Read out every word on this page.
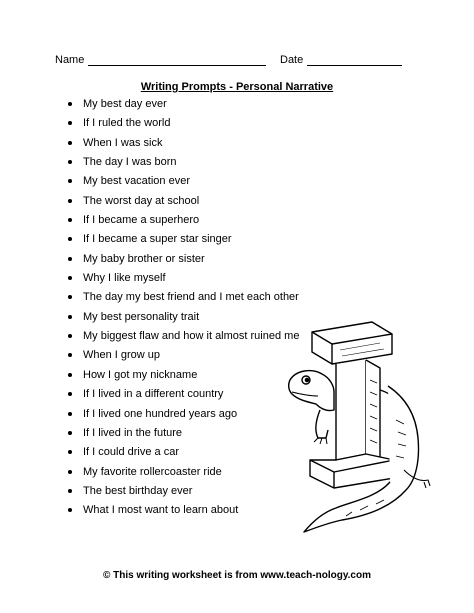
Name	Date
Writing Prompts - Personal Narrative
My best day ever
If I ruled the world
When I was sick
The day I was born
My best vacation ever
The worst day at school
If I became a superhero
If I became a super star singer
My baby brother or sister
Why I like myself
The day my best friend and I met each other
My best personality trait
My biggest flaw and how it almost ruined me
When I grow up
How I got my nickname
If I lived in a different country
If I lived one hundred years ago
If I lived in the future
If I could drive a car
My favorite rollercoaster ride
The best birthday ever
What I most want to learn about
© This writing worksheet is from www.teach-nology.com
